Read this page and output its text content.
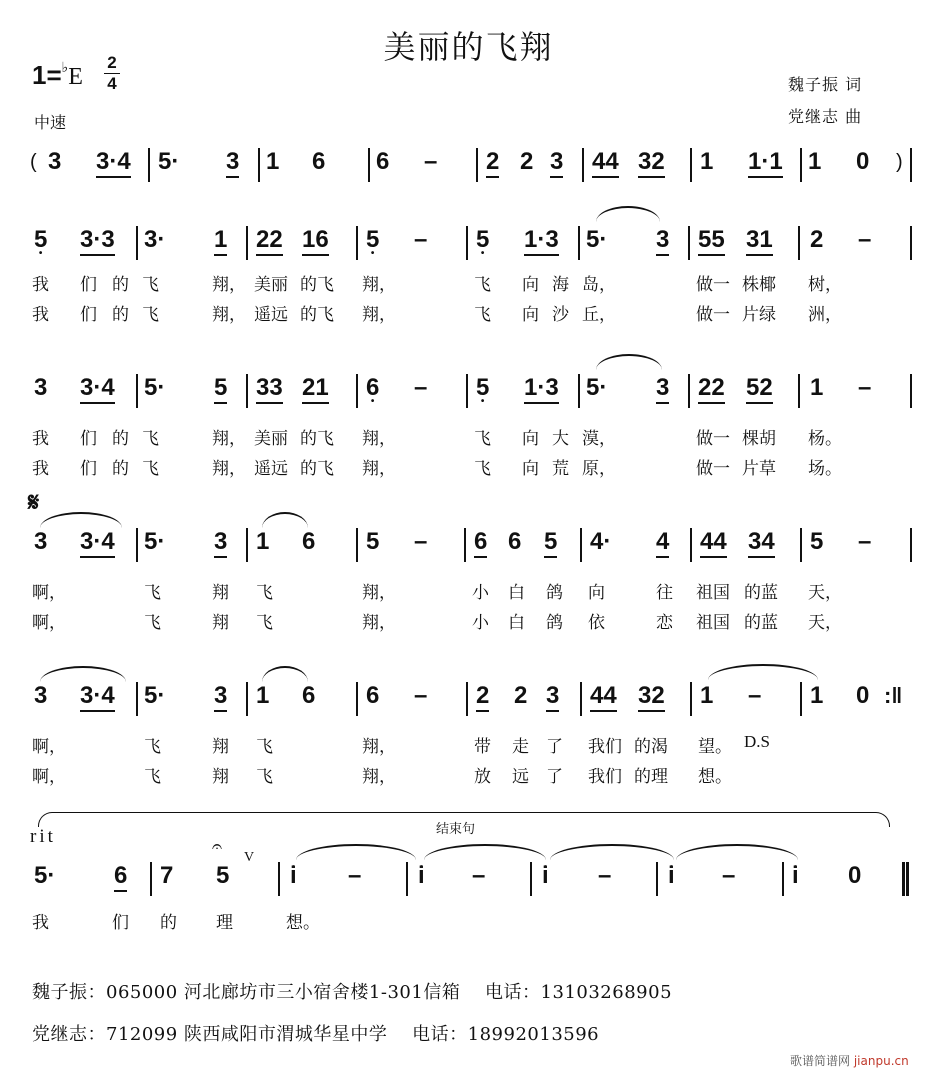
美丽的飞翔
1=♭E
2
4
中速
魏子振 词
党继志 曲
( 3 3·4 5· 3 1 6 6 – 2 2 3 44 32 1 1·1 1 0 )
5 • 3·3 3· 1 22 16 5 • – 5 • 1·3 5· 3 55 31 2 –
我 们 的 飞	翔， 美丽 的飞 翔，	飞 向 海 岛，	做一 株椰 树，
我 们 的 飞	翔， 遥远 的飞 翔，	飞 向 沙 丘，	做一 片绿 洲，
3 3·4 5· 5 33 21 6 • – 5 • 1·3 5· 3 22 52 1 –
我 们 的 飞	翔， 美丽 的飞 翔，	飞 向 大 漠，	做一 棵胡 杨。
我 们 的 飞	翔， 遥远 的飞 翔，	飞 向 荒 原，	做一 片草 场。
𝄋
3 3·4 5· 3 1 6 5 – 6 6 5 4· 4 44 34 5 –
啊，	飞	翔 飞	翔，	小 白 鸽 向	往 祖国 的蓝 天，
啊，	飞	翔 飞	翔，	小 白 鸽 依	恋 祖国 的蓝 天，
3 3·4 5· 3 1 6 6 – 2 2 3 44 32 1 – 1 0 :‖
啊，	飞	翔 飞	翔，	带 走 了 我们 的渴 望。 D.S
啊，	飞	翔 飞	翔，	放 远 了 我们 的理 想。
结束句
rit	𝄐
V
5· 6 7 5	• i – • i – • i – • i – • i 0
我	们 的 理	想。
魏子振：065000 河北廊坊市三小宿舍楼1-301信箱　 电话：13103268905
党继志：712099 陕西咸阳市渭城华星中学　 电话：18992013596
歌谱简谱网 jianpu.cn
